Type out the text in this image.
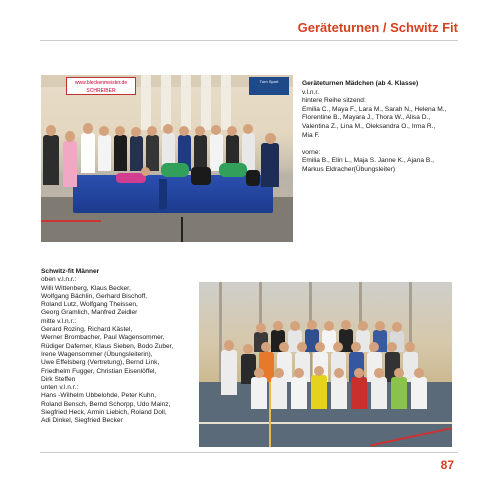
Geräteturnen / Schwitz Fit
www.bleckenmeister.de
SCHREIBER
Turn Sport	Geräteturnen Mädchen (ab 4. Klasse)

v.l.n.r.

hintere Reihe sitzend:

Emilia C., Maya F., Lara M., Sarah N., Helena M.,

Florentine B., Mayara J., Thora W., Alisa D.,

Valentina Z., Lina M., Oleksandra O., Irma R.,

Mia F.

vorne:

Emilia B., Elin L., Maja S. Janne K., Ajana B.,

Markus Eldracher(Übungsleiter)

Schwitz-fit Männer

oben v.l.n.r.:

Willi Wittenberg, Klaus Becker,

Wolfgang Bächlin, Gerhard Bischoff,

Roland Lutz, Wolfgang Theissen,

Georg Gramlich, Manfred Zeidler

mitte v.l.n.r.:

Gerard Rozing, Richard Kästel,

Werner Brombacher, Paul Wagensommer,

Rüdiger Daferner, Klaus Sieben, Bodo Zuber,

Irene Wagensommer (Übungsleiterin),

Uwe Effelsberg (Vertretung), Bernd Link,

Friedhelm Fugger, Christian Eisenlöffel,

Dirk Steffen

unten v.l.n.r.:

Hans -Wilhelm Ubbelohde, Peter Kuhn,

Roland Bensch, Bernd Schorpp, Udo Mainz,

Siegfried Heck, Armin Liebich, Roland Doll,

Adi Dinkel, Siegfried Becker

87
